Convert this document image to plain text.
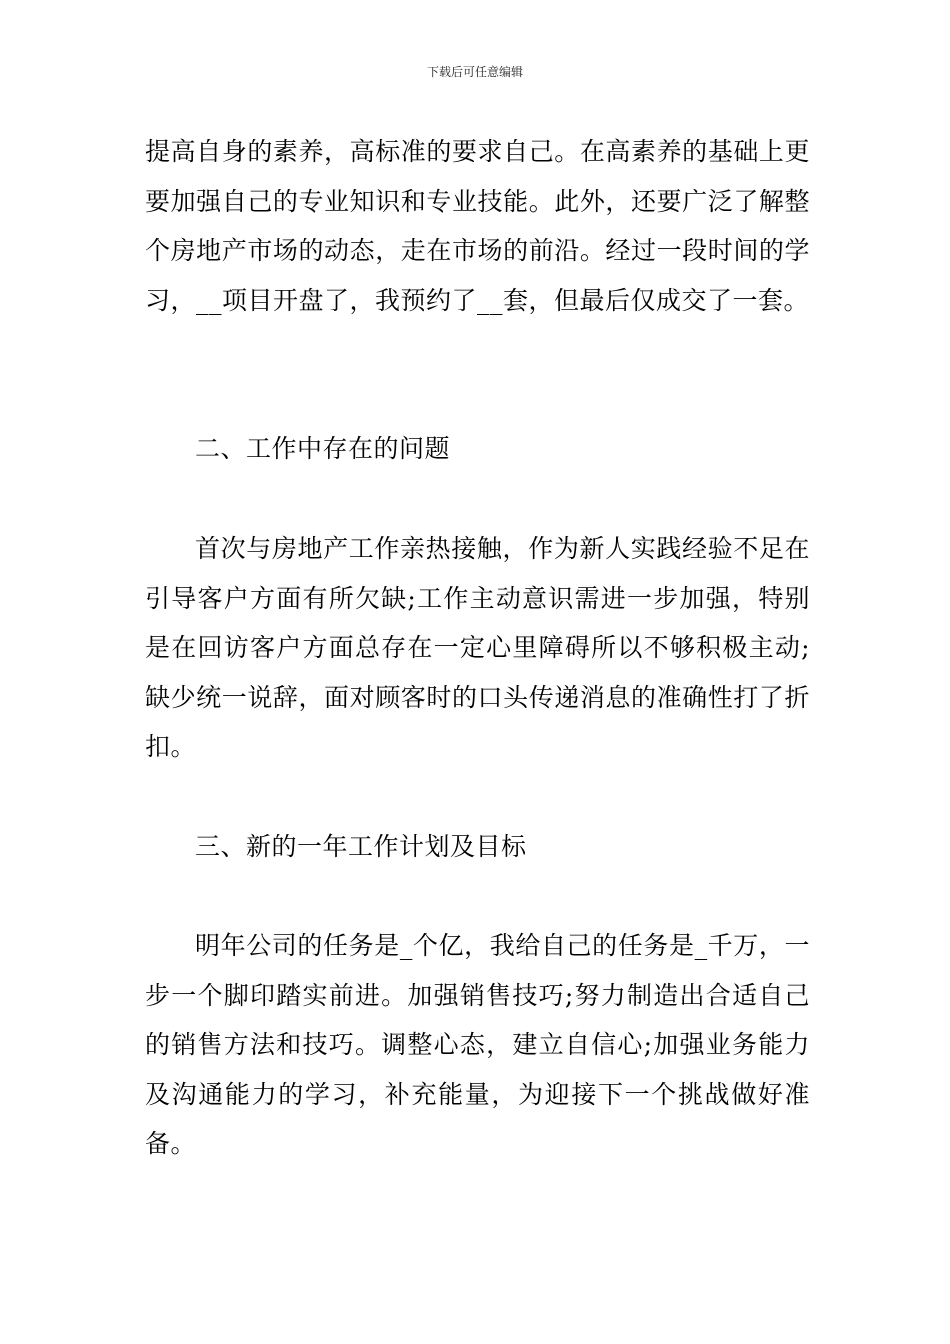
下载后可任意编辑

提高自身的素养，高标准的要求自己。在高素养的基础上更要加强自己的专业知识和专业技能。此外，还要广泛了解整个房地产市场的动态，走在市场的前沿。经过一段时间的学习，__项目开盘了，我预约了__套，但最后仅成交了一套。

二、工作中存在的问题

首次与房地产工作亲热接触，作为新人实践经验不足在引导客户方面有所欠缺;工作主动意识需进一步加强，特别是在回访客户方面总存在一定心里障碍所以不够积极主动;缺少统一说辞，面对顾客时的口头传递消息的准确性打了折扣。

三、新的一年工作计划及目标

明年公司的任务是_个亿，我给自己的任务是_千万，一步一个脚印踏实前进。加强销售技巧;努力制造出合适自己的销售方法和技巧。调整心态，建立自信心;加强业务能力及沟通能力的学习，补充能量，为迎接下一个挑战做好准备。
